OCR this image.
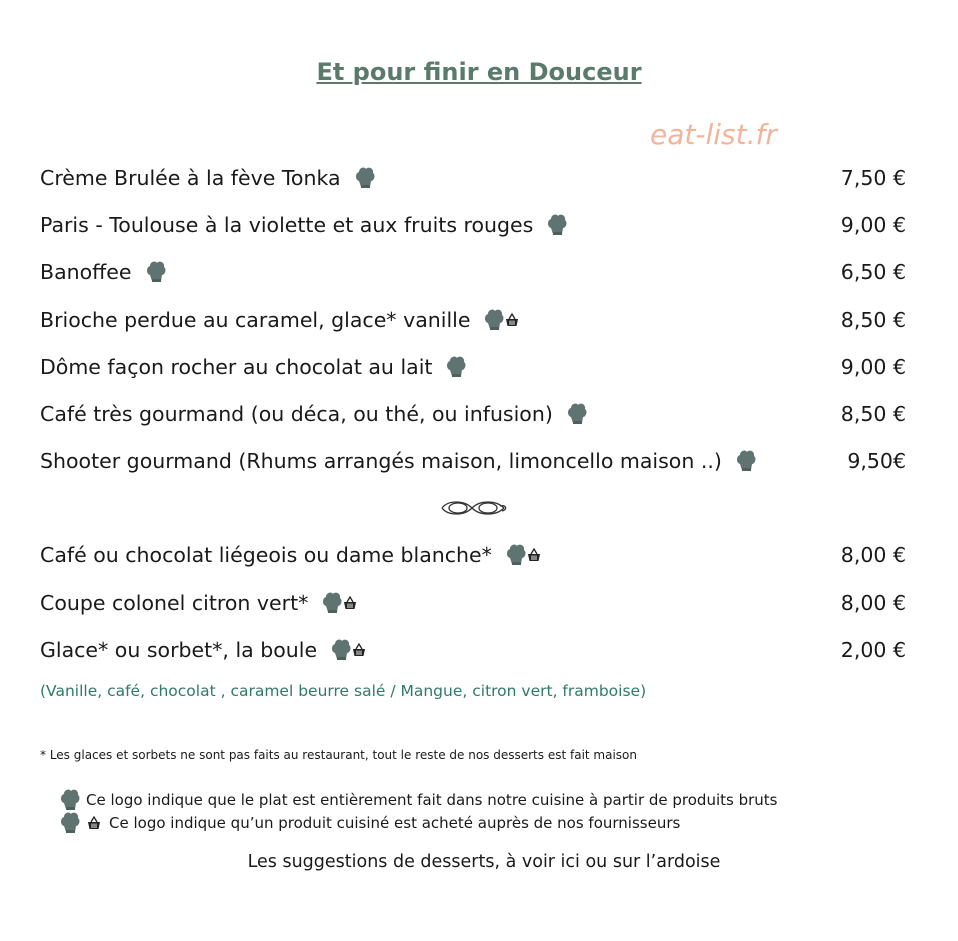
Et pour finir en Douceur
eat-list.fr
Crème Brulée à la fève Tonka	7,50 €
Paris - Toulouse à la violette et aux fruits rouges	9,00 €
Banoffee	6,50 €
Brioche perdue au caramel, glace* vanille	8,50 €
Dôme façon rocher au chocolat au lait	9,00 €
Café très gourmand (ou déca, ou thé, ou infusion)	8,50 €
Shooter gourmand (Rhums arrangés maison, limoncello maison ..)	9,50€
Café ou chocolat liégeois ou dame blanche*	8,00 €
Coupe colonel citron vert*	8,00 €
Glace* ou sorbet*, la boule	2,00 €
(Vanille, café, chocolat , caramel beurre salé / Mangue, citron vert, framboise)
* Les glaces et sorbets ne sont pas faits au restaurant, tout le reste de nos desserts est fait maison
Ce logo indique que le plat est entièrement fait dans notre cuisine à partir de produits bruts
Ce logo indique qu’un produit cuisiné est acheté auprès de nos fournisseurs
Les suggestions de desserts, à voir ici ou sur l’ardoise
